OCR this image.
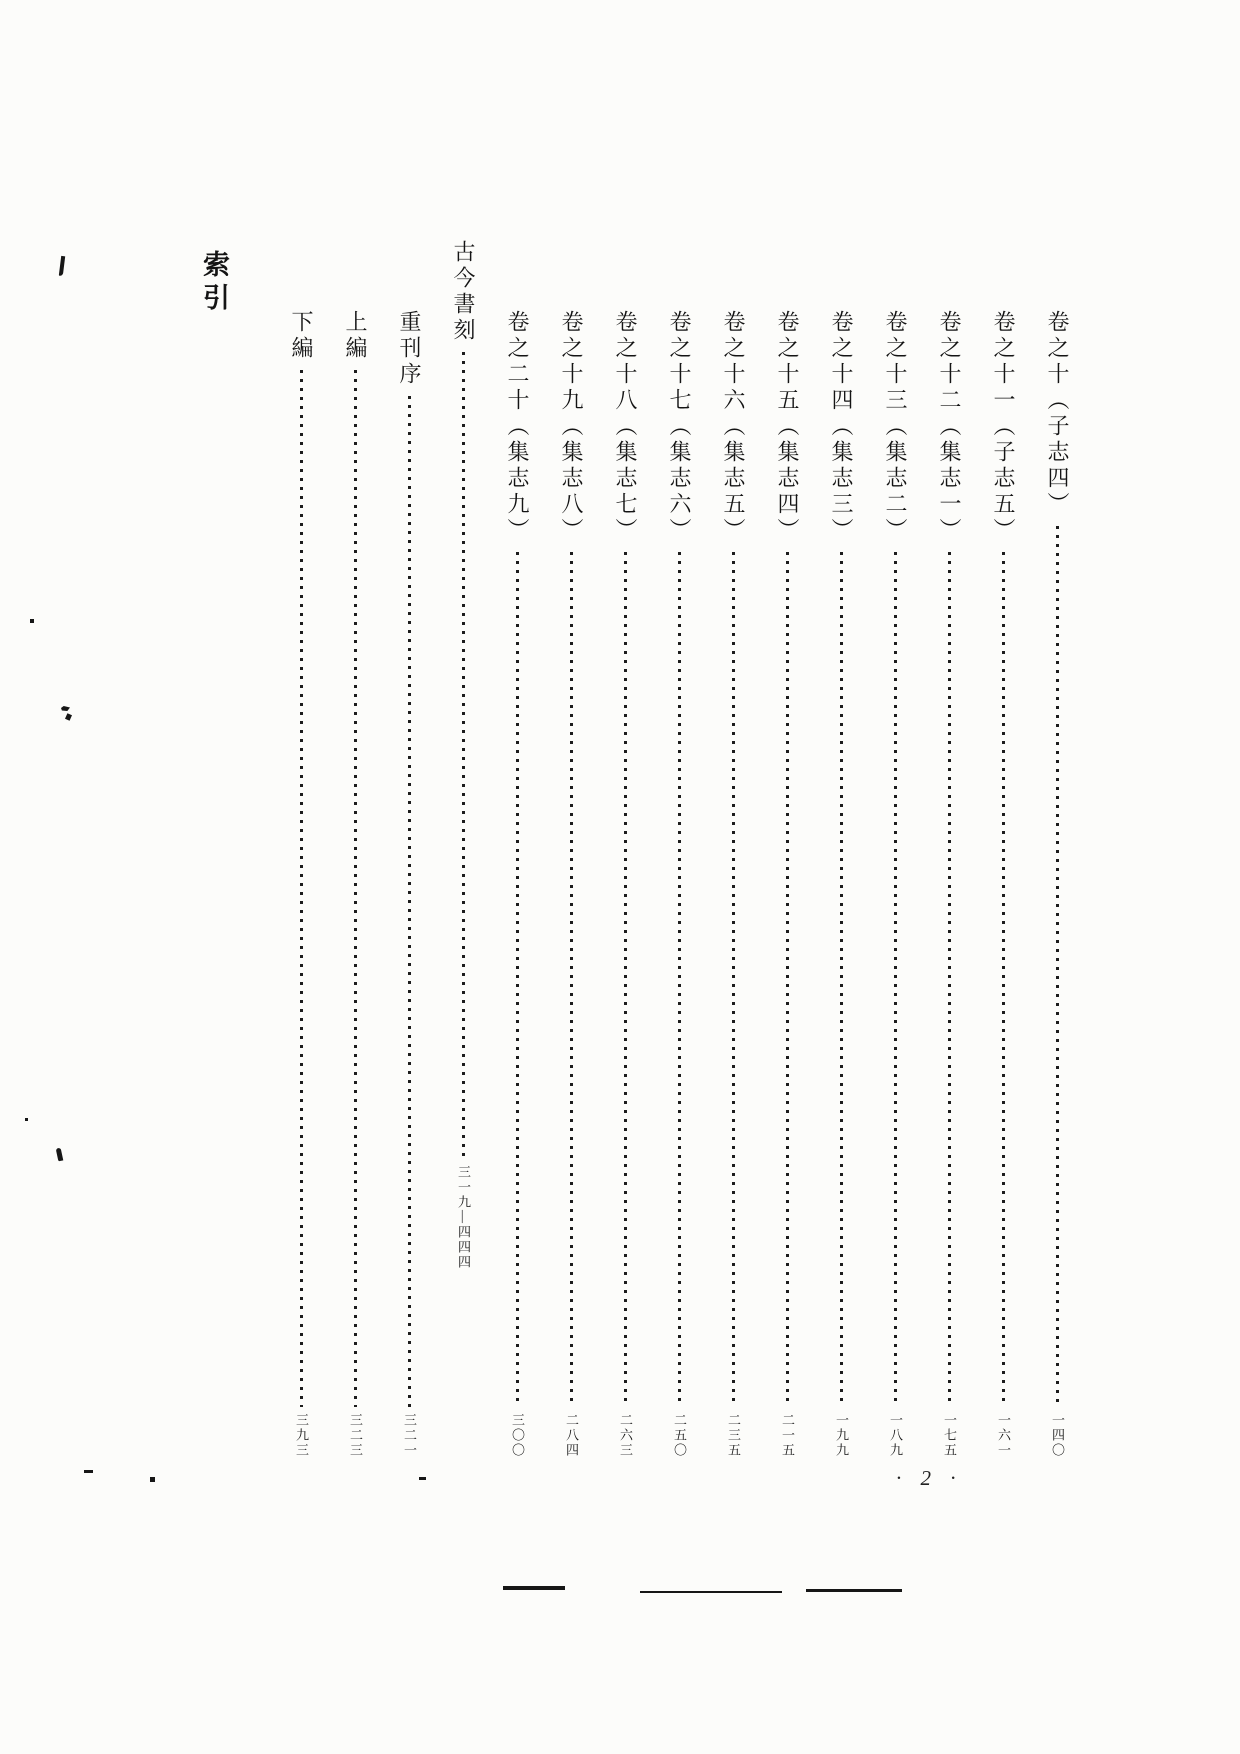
索引
卷之十（子志四）
一四〇
卷之十一（子志五）
一六一
卷之十二（集志一）
一七五
卷之十三（集志二）
一八九
卷之十四（集志三）
一九九
卷之十五（集志四）
二一五
卷之十六（集志五）
二三五
卷之十七（集志六）
二五〇
卷之十八（集志七）
二六三
卷之十九（集志八）
二八四
卷之二十（集志九）
三〇〇
古今書刻
三一九—四四四
重刊序
三二一
上編
三二三
下編
三九三
· 2 ·
